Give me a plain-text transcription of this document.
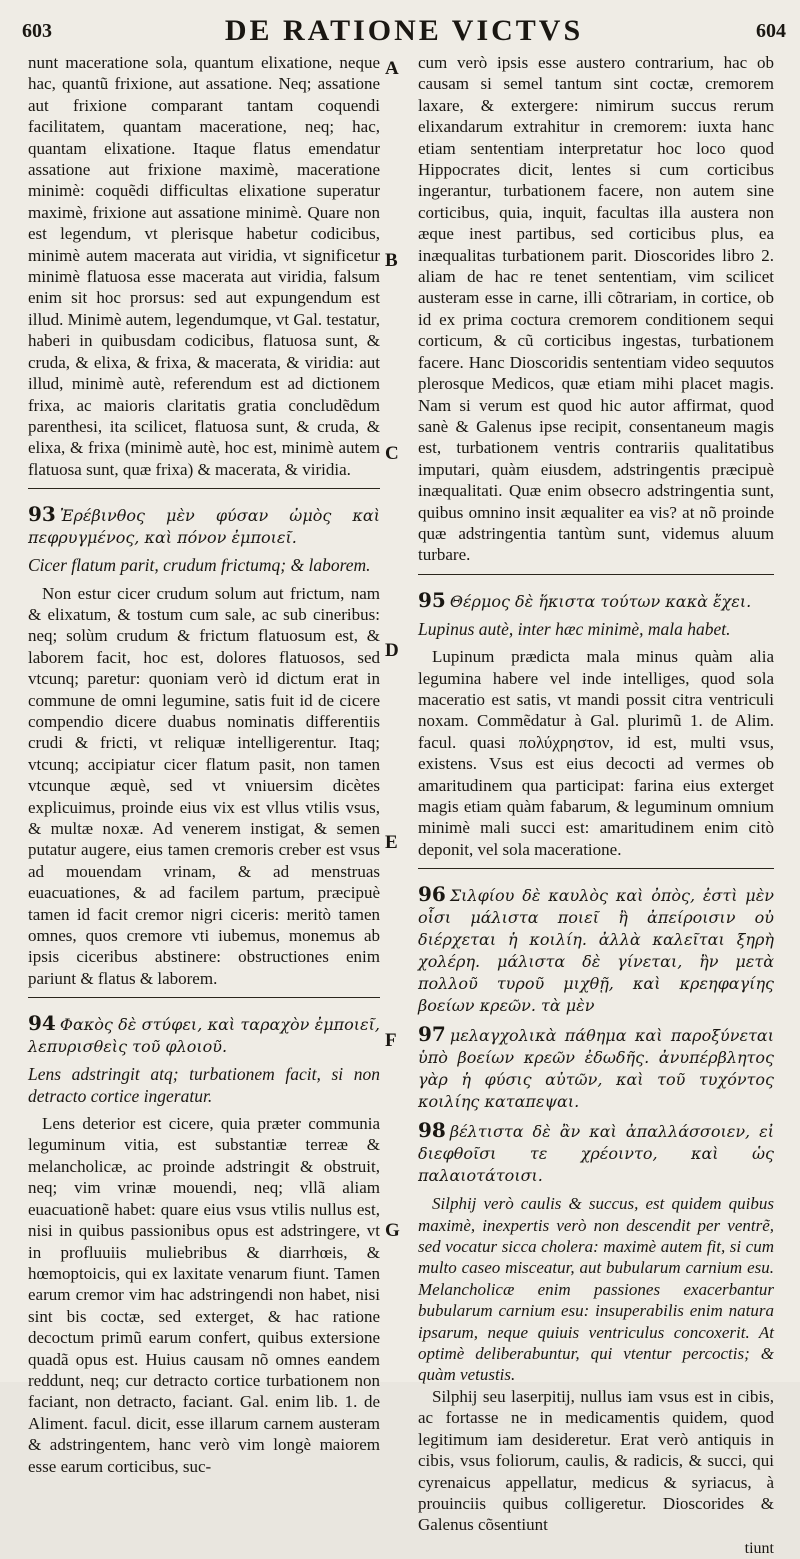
603	DE RATIONE VICTVS	604
A
B
C
D
E
F
G

nunt maceratione sola, quantum elixatione, neque hac, quantũ frixione, aut assatione. Neq; assatione aut frixione comparant tantam coquendi facilitatem, quantam maceratione, neq; hac, quantam elixatione. Itaque flatus emendatur assatione aut frixione maximè, maceratione minimè: coquẽdi difficultas elixatione superatur maximè, frixione aut assatione minimè. Quare non est legendum, vt plerisque habetur codicibus, minimè autem macerata aut viridia, vt significetur minimè flatuosa esse macerata aut viridia, falsum enim sit hoc prorsus: sed aut expungendum est illud. Minimè autem, legendumque, vt Gal. testatur, haberi in quibusdam codicibus, flatuosa sunt, & cruda, & elixa, & frixa, & macerata, & viridia: aut illud, minimè autè, referendum est ad dictionem frixa, ac maioris claritatis gratia concludẽdum parenthesi, ita scilicet, flatuosa sunt, & cruda, & elixa, & frixa (minimè autè, hoc est, minimè autem flatuosa sunt, quæ frixa) & macerata, & viridia.

93 Ἐρέβινθος μὲν φύσαν ὠμὸς καὶ πεφρυγμένος, καὶ πόνον ἐμποιεῖ.

Cicer flatum parit, crudum frictumq; & laborem.

Non estur cicer crudum solum aut frictum, nam & elixatum, & tostum cum sale, ac sub cineribus: neq; solùm crudum & frictum flatuosum est, & laborem facit, hoc est, dolores flatuosos, sed vtcunq; paretur: quoniam verò id dictum erat in commune de omni legumine, satis fuit id de cicere compendio dicere duabus nominatis differentiis crudi & fricti, vt reliquæ intelligerentur. Itaq; vtcunq; accipiatur cicer flatum pasit, non tamen vtcunque æquè, sed vt vniuersim dicètes explicuimus, proinde eius vix est vllus vtilis vsus, & multæ noxæ. Ad venerem instigat, & semen putatur augere, eius tamen cremoris creber est vsus ad mouendam vrinam, & ad menstruas euacuationes, & ad facilem partum, præcipuè tamen id facit cremor nigri ciceris: meritò tamen omnes, quos cremore vti iubemus, monemus ab ipsis ciceribus abstinere: obstructiones enim pariunt & flatus & laborem.

94 Φακὸς δὲ στύφει, καὶ ταραχὸν ἐμποιεῖ, λεπυρισθεὶς τοῦ φλοιοῦ.

Lens adstringit atq; turbationem facit, si non detracto cortice ingeratur.

Lens deterior est cicere, quia præter communia leguminum vitia, est substantiæ terreæ & melancholicæ, ac proinde adstringit & obstruit, neq; vim vrinæ mouendi, neq; vllã aliam euacuationẽ habet: quare eius vsus vtilis nullus est, nisi in quibus passionibus opus est adstringere, vt in profluuiis muliebribus & diarrhœis, & hœmoptoicis, qui ex laxitate venarum fiunt. Tamen earum cremor vim hac adstringendi non habet, nisi sint bis coctæ, sed exterget, & hac ratione decoctum primũ earum confert, quibus extersione quadã opus est. Huius causam nõ omnes eandem reddunt, neq; cur detracto cortice turbationem non faciant, non detracto, faciant. Gal. enim lib. 1. de Aliment. facul. dicit, esse illarum carnem austeram & adstringentem, hanc verò vim longè maiorem esse earum corticibus, suc-

cum verò ipsis esse austero contrarium, hac ob causam si semel tantum sint coctæ, cremorem laxare, & extergere: nimirum succus rerum elixandarum extrahitur in cremorem: iuxta hanc etiam sententiam interpretatur hoc loco quod Hippocrates dicit, lentes si cum corticibus ingerantur, turbationem facere, non autem sine corticibus, quia, inquit, facultas illa austera non æque inest partibus, sed corticibus plus, ea inæqualitas turbationem parit. Dioscorides libro 2. aliam de hac re tenet sententiam, vim scilicet austeram esse in carne, illi cõtrariam, in cortice, ob id ex prima coctura cremorem conditionem sequi corticum, & cũ corticibus ingestas, turbationem facere. Hanc Dioscoridis sententiam video sequutos plerosque Medicos, quæ etiam mihi placet magis. Nam si verum est quod hic autor affirmat, quod sanè & Galenus ipse recipit, consentaneum magis est, turbationem ventris contrariis qualitatibus imputari, quàm eiusdem, adstringentis præcipuè inæqualitati. Quæ enim obsecro adstringentia sunt, quibus omnino insit æqualiter ea vis? at nõ proinde quæ adstringentia tantùm sunt, videmus aluum turbare.

95 Θέρμος δὲ ἥκιστα τούτων κακὰ ἔχει.

Lupinus autè, inter hæc minimè, mala habet.

Lupinum prædicta mala minus quàm alia legumina habere vel inde intelliges, quod sola maceratio est satis, vt mandi possit citra ventriculi noxam. Commẽdatur à Gal. plurimũ 1. de Alim. facul. quasi πολύχρηστον, id est, multi vsus, existens. Vsus est eius decocti ad vermes ob amaritudinem qua participat: farina eius exterget magis etiam quàm fabarum, & leguminum omnium minimè mali succi est: amaritudinem enim citò deponit, vel sola maceratione.

96 Σιλφίου δὲ καυλὸς καὶ ὀπὸς, ἐστὶ μὲν οἷσι μάλιστα ποιεῖ ἢ ἀπείροισιν οὐ διέρχεται ἡ κοιλίη. ἀλλὰ καλεῖται ξηρὴ χολέρη. μάλιστα δὲ γίνεται, ἢν μετὰ πολλοῦ τυροῦ μιχθῇ, καὶ κρεηφαγίης βοείων κρεῶν. τὰ μὲν

97 μελαγχολικὰ πάθημα καὶ παροξύνεται ὑπὸ βοείων κρεῶν ἐδωδῆς. ἀνυπέρβλητος γὰρ ἡ φύσις αὐτῶν, καὶ τοῦ τυχόντος κοιλίης καταπεψαι.

98 βέλτιστα δὲ ἂν καὶ ἀπαλλάσσοιεν, εἰ διεφθοῖσι τε χρέοιντο, καὶ ὡς παλαιοτάτοισι.

Silphij verò caulis & succus, est quidem quibus maximè, inexpertis verò non descendit per ventrẽ, sed vocatur sicca cholera: maximè autem fit, si cum multo caseo misceatur, aut bubularum carnium esu. Melancholicæ enim passiones exacerbantur bubularum carnium esu: insuperabilis enim natura ipsarum, neque quiuis ventriculus concoxerit. At optimè deliberabuntur, qui vtentur percoctis; & quàm vetustis.

Silphij seu laserpitij, nullus iam vsus est in cibis, ac fortasse ne in medicamentis quidem, quod legitimum iam desideretur. Erat verò antiquis in cibis, vsus foliorum, caulis, & radicis, & succi, qui cyrenaicus appellatur, medicus & syriacus, à prouinciis quibus colligeretur. Dioscorides & Galenus cõsentiunt

tiunt
